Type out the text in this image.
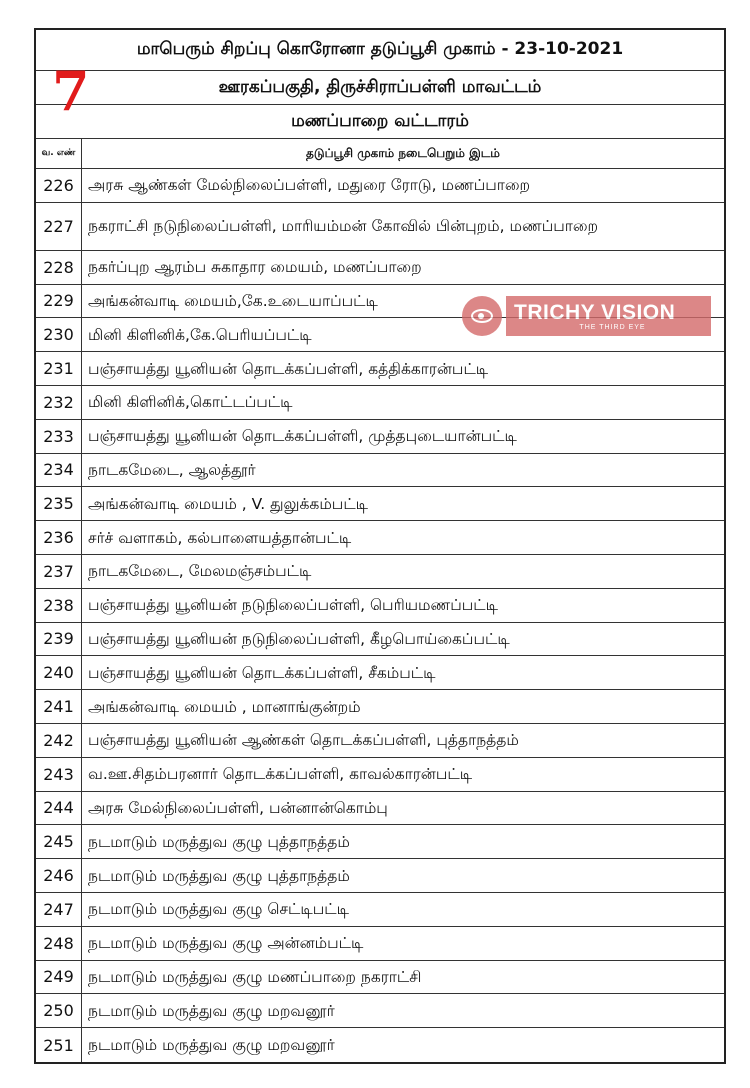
மாபெரும் சிறப்பு கொரோனா தடுப்பூசி முகாம் - 23-10-2021
ஊரகப்பகுதி, திருச்சிராப்பள்ளி மாவட்டம்
மணப்பாறை வட்டாரம்
வ. எண்	தடுப்பூசி முகாம் நடைபெறும் இடம்
226 அரசு ஆண்கள் மேல்நிலைப்பள்ளி, மதுரை ரோடு, மணப்பாறை
227 நகராட்சி நடுநிலைப்பள்ளி, மாரியம்மன் கோவில் பின்புறம், மணப்பாறை
228 நகர்ப்புற ஆரம்ப சுகாதார மையம், மணப்பாறை
229 அங்கன்வாடி மையம்,கே.உடையாப்பட்டி
230 மினி கிளினிக்,கே.பெரியப்பட்டி
231 பஞ்சாயத்து யூனியன் தொடக்கப்பள்ளி, கத்திக்காரன்பட்டி
232 மினி கிளினிக்,கொட்டப்பட்டி
233 பஞ்சாயத்து யூனியன் தொடக்கப்பள்ளி, முத்தபுடையான்பட்டி
234 நாடகமேடை, ஆலத்தூர்
235 அங்கன்வாடி மையம் , V. துலுக்கம்பட்டி
236 சர்ச் வளாகம், கல்பாளையத்தான்பட்டி
237 நாடகமேடை, மேலமஞ்சம்பட்டி
238 பஞ்சாயத்து யூனியன் நடுநிலைப்பள்ளி, பெரியமணப்பட்டி
239 பஞ்சாயத்து யூனியன் நடுநிலைப்பள்ளி, கீழபொய்கைப்பட்டி
240 பஞ்சாயத்து யூனியன் தொடக்கப்பள்ளி, சீகம்பட்டி
241 அங்கன்வாடி மையம் , மானாங்குன்றம்
242 பஞ்சாயத்து யூனியன் ஆண்கள் தொடக்கப்பள்ளி, புத்தாநத்தம்
243 வ.ஊ.சிதம்பரனார் தொடக்கப்பள்ளி, காவல்காரன்பட்டி
244 அரசு மேல்நிலைப்பள்ளி, பன்னான்கொம்பு
245 நடமாடும் மருத்துவ குழு புத்தாநத்தம்
246 நடமாடும் மருத்துவ குழு புத்தாநத்தம்
247 நடமாடும் மருத்துவ குழு செட்டிபட்டி
248 நடமாடும் மருத்துவ குழு அன்னம்பட்டி
249 நடமாடும் மருத்துவ குழு மணப்பாறை நகராட்சி
250 நடமாடும் மருத்துவ குழு மறவனூர்
251 நடமாடும் மருத்துவ குழு மறவனூர்
7
TRICHY VISION
THE THIRD EYE
